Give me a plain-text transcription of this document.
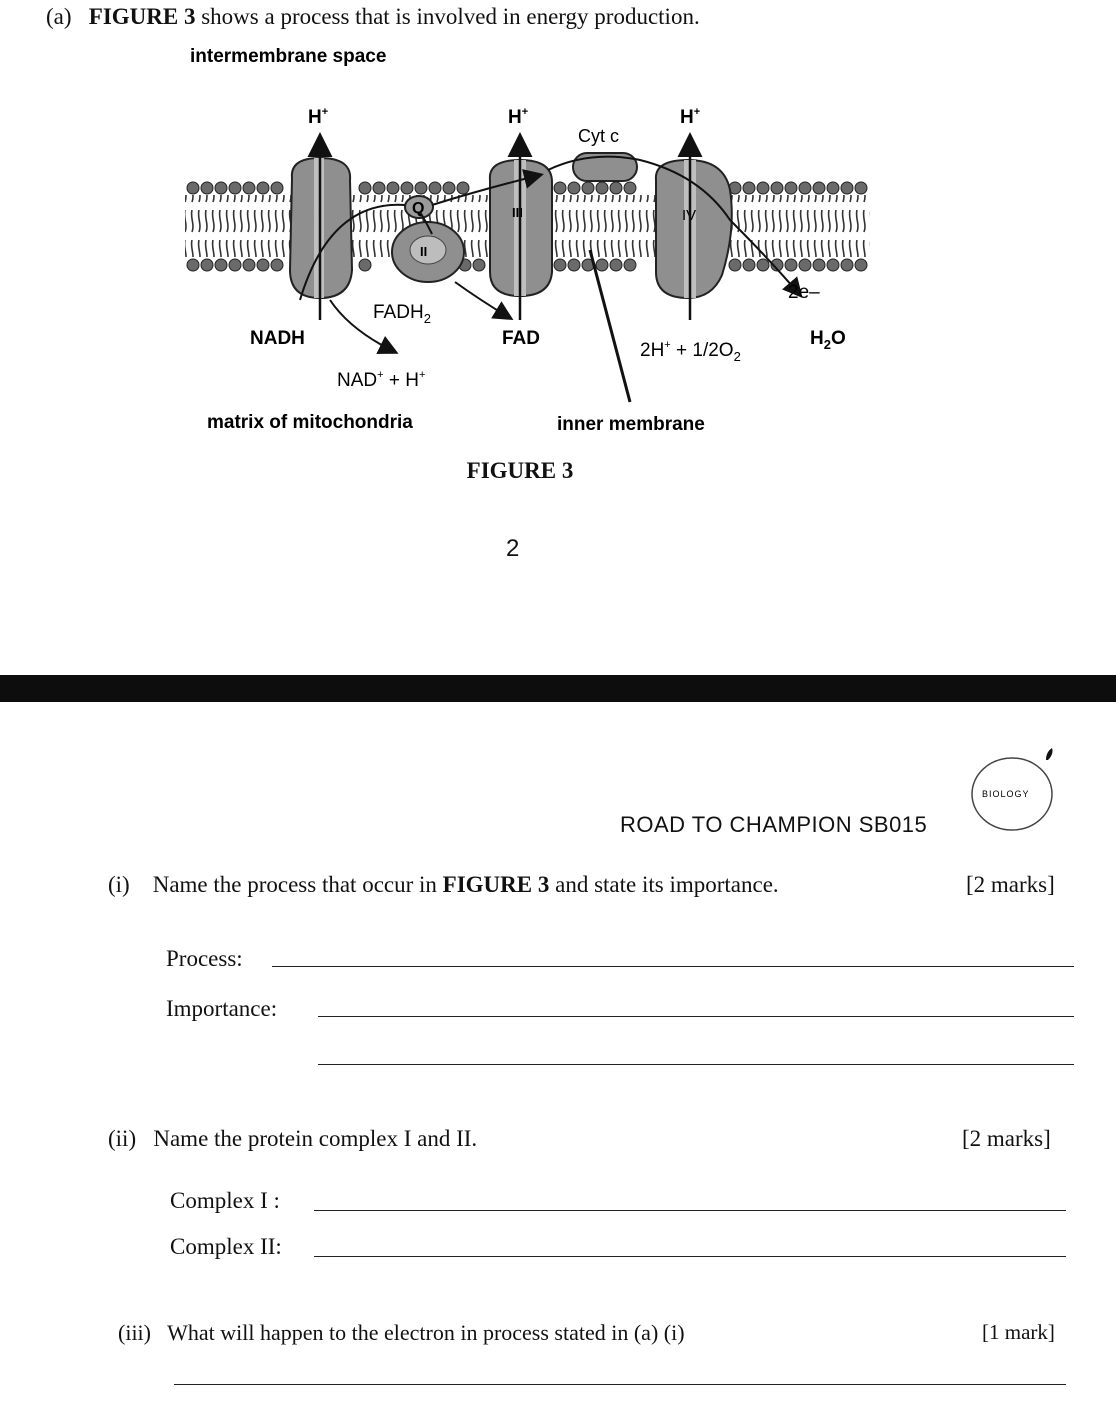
(a) FIGURE 3 shows a process that is involved in energy production.
intermembrane space
I	Q
II
III
Cyt c
IV
H+	H+	H+
2e–
$FADH_2$
NADH	FAD
$2H^+ + 1/2O_2$
$H_2O$
NAD+ + H+
matrix of mitochondria	inner membrane
FIGURE 3
2
BIOLOGY
ROAD TO CHAMPION SB015
(i) Name the process that occur in FIGURE 3 and state its importance.	[2 marks]
Process:
Importance:
(ii) Name the protein complex I and II.	[2 marks]
Complex I :
Complex II:
(iii) What will happen to the electron in process stated in (a) (i)	[1 mark]
